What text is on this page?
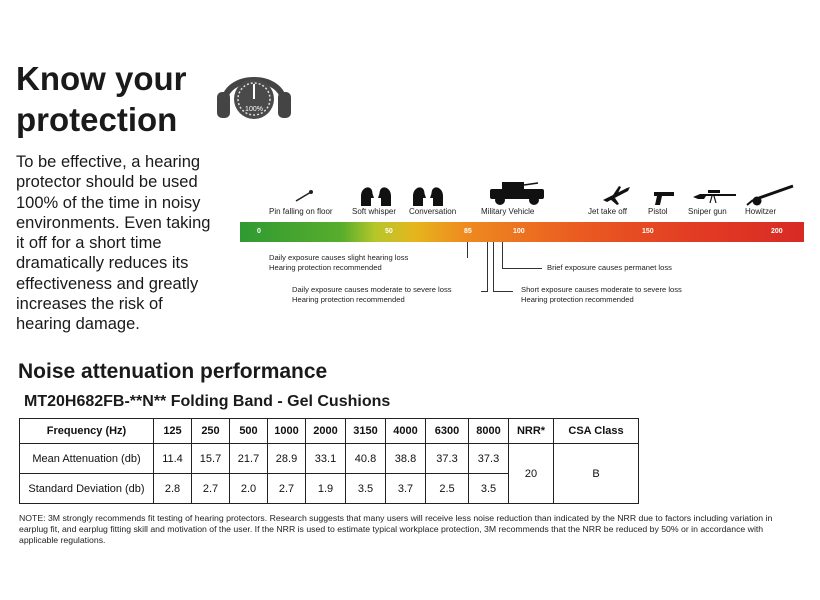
Know your protection
To be effective, a hearing protector should be used 100% of the time in noisy environments. Even taking it off for a short time dramatically reduces its effectiveness and greatly increases the risk of hearing damage.
100%
Pin falling on floor Soft whisper Conversation	Military Vehicle	Jet take off	Pistol	Sniper gun Howitzer
0	50	85	100	150	200
Daily exposure causes slight hearing loss
Hearing protection recommended
Daily exposure causes moderate to severe loss
Hearing protection recommended
Brief exposure causes permanet loss
Short exposure causes moderate to severe loss
Hearing protection recommended
Noise attenuation performance
MT20H682FB-**N** Folding Band - Gel Cushions
Frequency (Hz)	125	250	500	1000	2000	3150	4000	6300	8000	NRR*	CSA Class
Mean Attenuation (db)	11.4	15.7	21.7	28.9	33.1	40.8	38.8	37.3	37.3	20	B
Standard Deviation (db)	2.8	2.7	2.0	2.7	1.9	3.5	3.7	2.5	3.5		
NOTE: 3M strongly recommends fit testing of hearing protectors. Research suggests that many users will receive less noise reduction than indicated by the NRR due to factors including variation in earplug fit, and earplug fitting skill and motivation of the user. If the NRR is used to estimate typical workplace protection, 3M recommends that the NRR be reduced by 50% or in accordance with applicable regulations.
